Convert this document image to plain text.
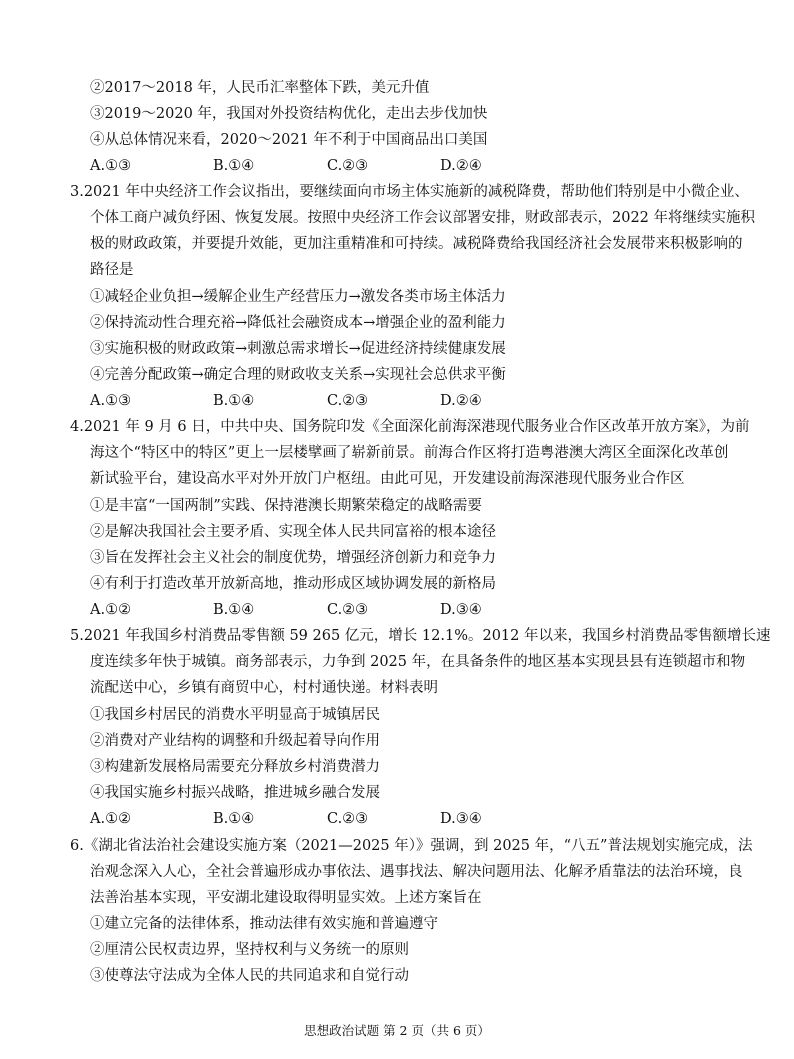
②2017～2018 年，人民币汇率整体下跌，美元升值
③2019～2020 年，我国对外投资结构优化，走出去步伐加快
④从总体情况来看，2020～2021 年不利于中国商品出口美国
A.①③	B.①④	C.②③	D.②④
3.2021 年中央经济工作会议指出，要继续面向市场主体实施新的减税降费，帮助他们特别是中小微企业、
个体工商户减负纾困、恢复发展。按照中央经济工作会议部署安排，财政部表示，2022 年将继续实施积
极的财政政策，并要提升效能，更加注重精准和可持续。减税降费给我国经济社会发展带来积极影响的
路径是
①减轻企业负担→缓解企业生产经营压力→激发各类市场主体活力
②保持流动性合理充裕→降低社会融资成本→增强企业的盈利能力
③实施积极的财政政策→刺激总需求增长→促进经济持续健康发展
④完善分配政策→确定合理的财政收支关系→实现社会总供求平衡
A.①③	B.①④	C.②③	D.②④
4.2021 年 9 月 6 日，中共中央、国务院印发《全面深化前海深港现代服务业合作区改革开放方案》，为前
海这个“特区中的特区”更上一层楼擘画了崭新前景。前海合作区将打造粤港澳大湾区全面深化改革创
新试验平台，建设高水平对外开放门户枢纽。由此可见，开发建设前海深港现代服务业合作区
①是丰富“一国两制”实践、保持港澳长期繁荣稳定的战略需要
②是解决我国社会主要矛盾、实现全体人民共同富裕的根本途径
③旨在发挥社会主义社会的制度优势，增强经济创新力和竞争力
④有利于打造改革开放新高地，推动形成区域协调发展的新格局
A.①②	B.①④	C.②③	D.③④
5.2021 年我国乡村消费品零售额 59 265 亿元，增长 12.1%。2012 年以来，我国乡村消费品零售额增长速
度连续多年快于城镇。商务部表示，力争到 2025 年，在具备条件的地区基本实现县县有连锁超市和物
流配送中心，乡镇有商贸中心，村村通快递。材料表明
①我国乡村居民的消费水平明显高于城镇居民
②消费对产业结构的调整和升级起着导向作用
③构建新发展格局需要充分释放乡村消费潜力
④我国实施乡村振兴战略，推进城乡融合发展
A.①②	B.①④	C.②③	D.③④
6.《湖北省法治社会建设实施方案（2021—2025 年）》强调，到 2025 年，“八五”普法规划实施完成，法
治观念深入人心，全社会普遍形成办事依法、遇事找法、解决问题用法、化解矛盾靠法的法治环境，良
法善治基本实现，平安湖北建设取得明显实效。上述方案旨在
①建立完备的法律体系，推动法律有效实施和普遍遵守
②厘清公民权责边界，坚持权利与义务统一的原则
③使尊法守法成为全体人民的共同追求和自觉行动
思想政治试题 第 2 页（共 6 页）
